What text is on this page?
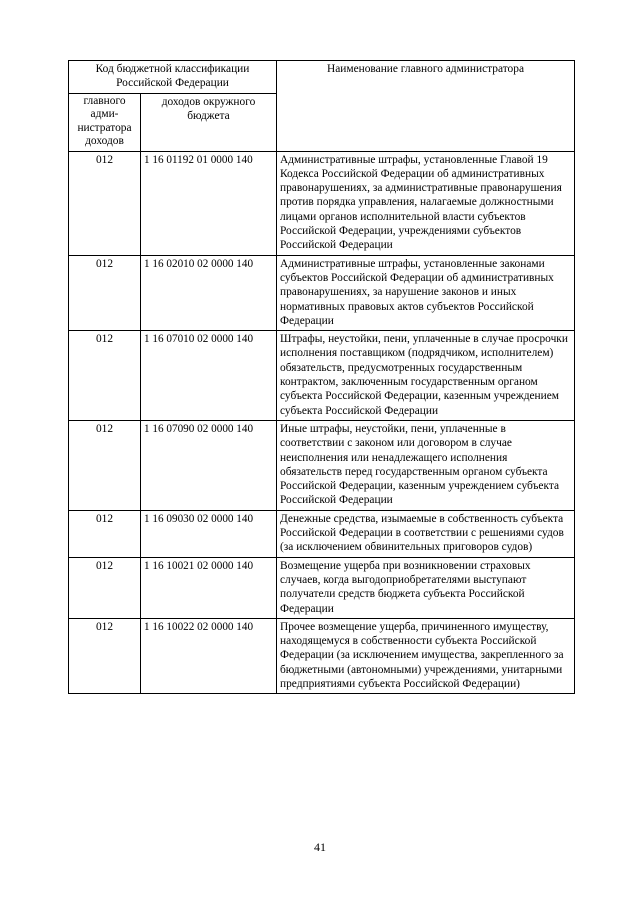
Код бюджетной классификации Российской Федерации		Наименование главного администратора
главного адми-нистратора доходов	доходов окружного бюджета	
012	1 16 01192 01 0000 140	Административные штрафы, установленные Главой 19 Кодекса Российской Федерации об административных правонарушениях, за административные правонарушения против порядка управления, налагаемые должностными лицами органов исполнительной власти субъектов Российской Федерации, учреждениями субъектов Российской Федерации
012	1 16 02010 02 0000 140	Административные штрафы, установленные законами субъектов Российской Федерации об административных правонарушениях, за нарушение законов и иных нормативных правовых актов субъектов Российской Федерации
012	1 16 07010 02 0000 140	Штрафы, неустойки, пени, уплаченные в случае просрочки исполнения поставщиком (подрядчиком, исполнителем) обязательств, предусмотренных государственным контрактом, заключенным государственным органом субъекта Российской Федерации, казенным учреждением субъекта Российской Федерации
012	1 16 07090 02 0000 140	Иные штрафы, неустойки, пени, уплаченные в соответствии с законом или договором в случае неисполнения или ненадлежащего исполнения обязательств перед государственным органом субъекта Российской Федерации, казенным учреждением субъекта Российской Федерации
012	1 16 09030 02 0000 140	Денежные средства, изымаемые в собственность субъекта Российской Федерации в соответствии с решениями судов (за исключением обвинительных приговоров судов)
012	1 16 10021 02 0000 140	Возмещение ущерба при возникновении страховых случаев, когда выгодоприобретателями выступают получатели средств бюджета субъекта Российской Федерации
012	1 16 10022 02 0000 140	Прочее возмещение ущерба, причиненного имуществу, находящемуся в собственности субъекта Российской Федерации (за исключением имущества, закрепленного за бюджетными (автономными) учреждениями, унитарными предприятиями субъекта Российской Федерации)
41
